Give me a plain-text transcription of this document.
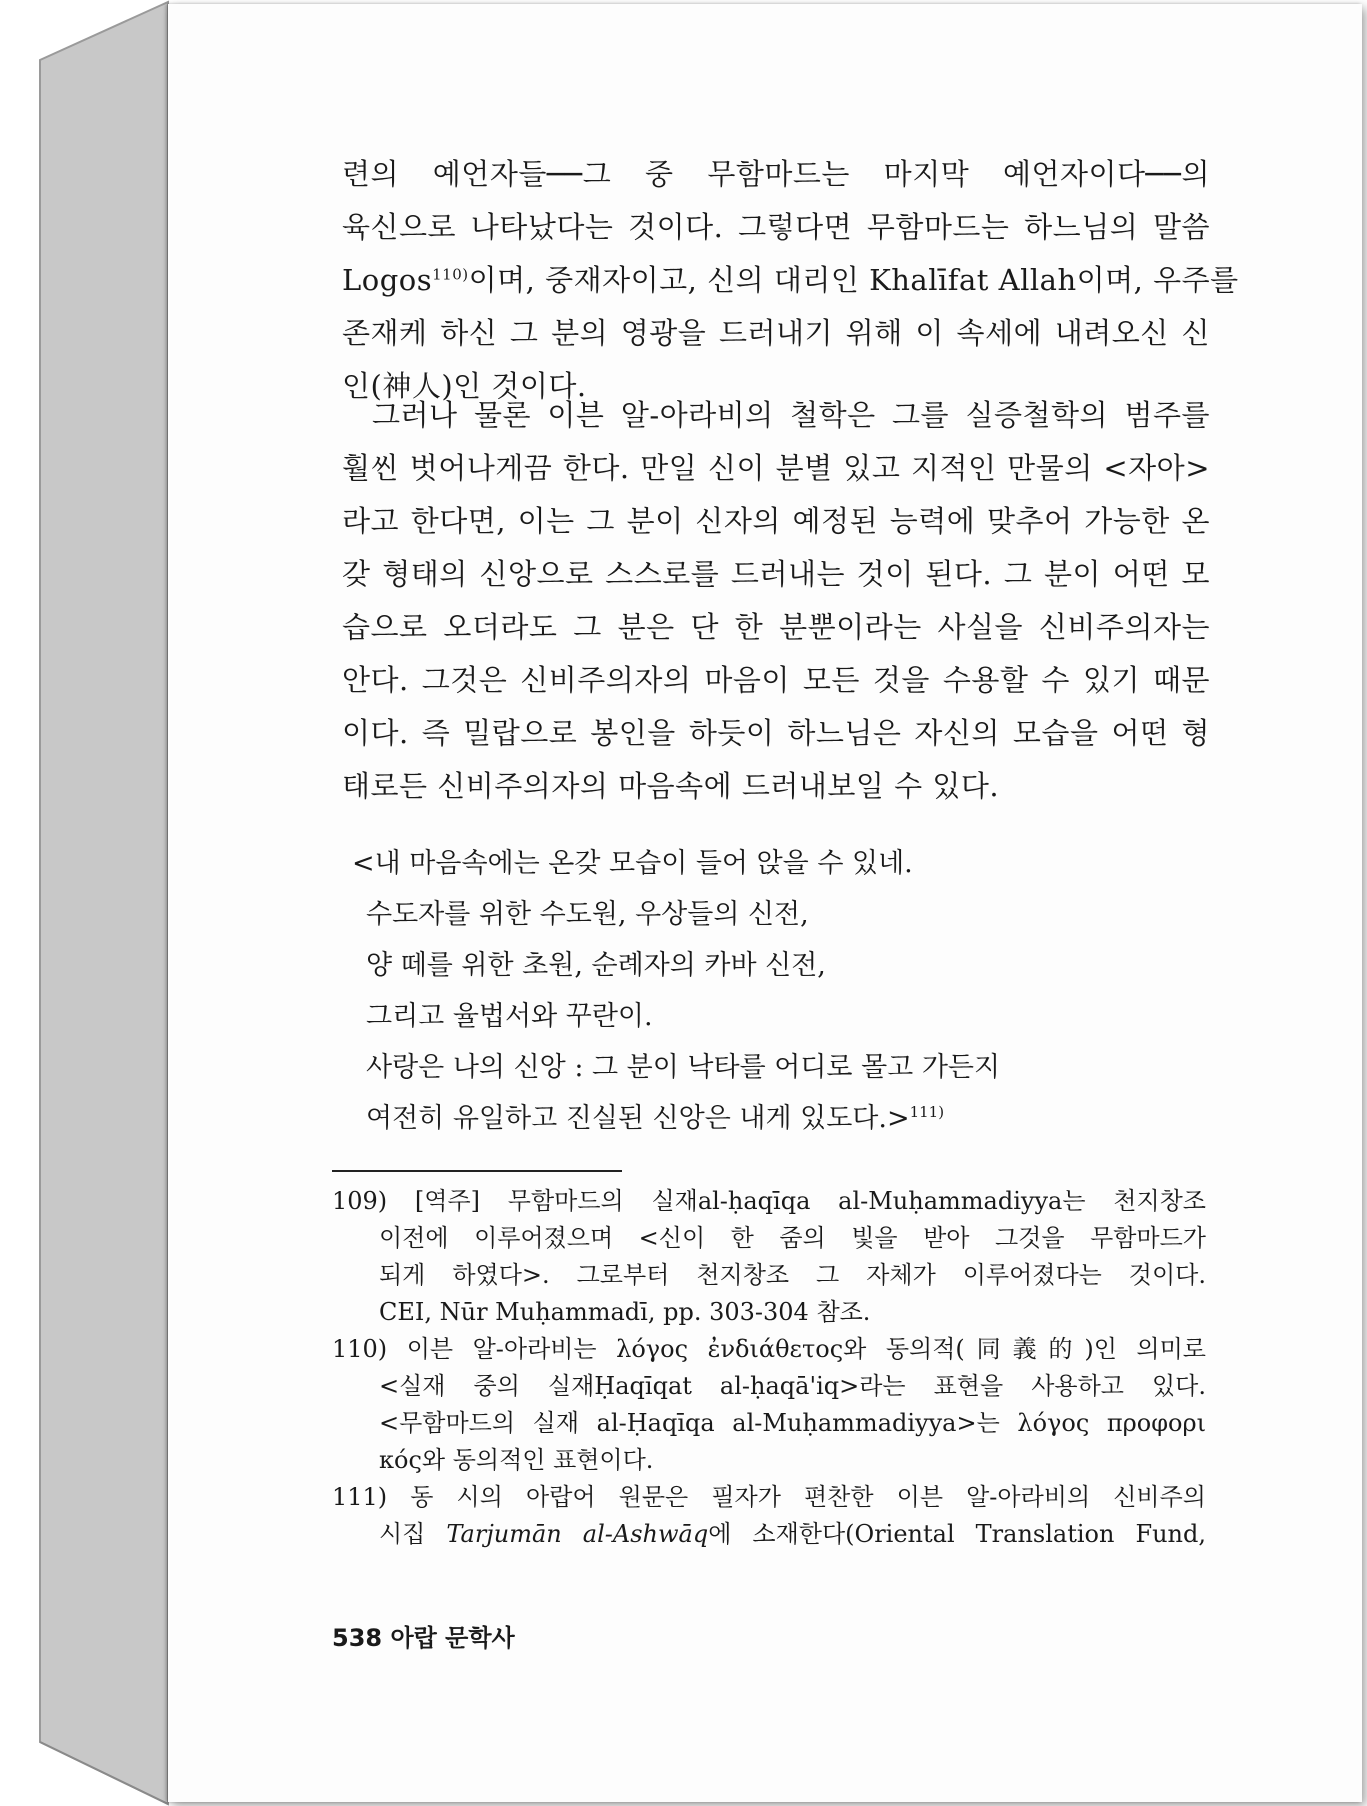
련의 예언자들──그 중 무함마드는 마지막 예언자이다──의
육신으로 나타났다는 것이다. 그렇다면 무함마드는 하느님의 말씀
Logos$^{110)}$이며, 중재자이고, 신의 대리인 Khalīfat Allah이며, 우주를
존재케 하신 그 분의 영광을 드러내기 위해 이 속세에 내려오신 신
인(神人)인 것이다.
그러나 물론 이븐 알-아라비의 철학은 그를 실증철학의 범주를
훨씬 벗어나게끔 한다. 만일 신이 분별 있고 지적인 만물의 <자아>
라고 한다면, 이는 그 분이 신자의 예정된 능력에 맞추어 가능한 온
갖 형태의 신앙으로 스스로를 드러내는 것이 된다. 그 분이 어떤 모
습으로 오더라도 그 분은 단 한 분뿐이라는 사실을 신비주의자는
안다. 그것은 신비주의자의 마음이 모든 것을 수용할 수 있기 때문
이다. 즉 밀랍으로 봉인을 하듯이 하느님은 자신의 모습을 어떤 형
태로든 신비주의자의 마음속에 드러내보일 수 있다.
<내 마음속에는 온갖 모습이 들어 앉을 수 있네.
수도자를 위한 수도원, 우상들의 신전,
양 떼를 위한 초원, 순례자의 카바 신전,
그리고 율법서와 꾸란이.
사랑은 나의 신앙 : 그 분이 낙타를 어디로 몰고 가든지
여전히 유일하고 진실된 신앙은 내게 있도다.>$^{111)}$
109) [역주] 무함마드의 실재al-ḥaqīqa al-Muḥammadiyya는 천지창조
이전에 이루어졌으며 <신이 한 줌의 빛을 받아 그것을 무함마드가
되게 하였다>. 그로부터 천지창조 그 자체가 이루어졌다는 것이다.
CEI, Nūr Muḥammadī, pp. 303-304 참조.
110) 이븐 알-아라비는 λόγος ἐνδιάθετος와 동의적(同義的)인 의미로
<실재 중의 실재Ḥaqīqat al-ḥaqā'iq>라는 표현을 사용하고 있다.
<무함마드의 실재 al-Ḥaqīqa al-Muḥammadiyya>는 λόγος προφορι
κός와 동의적인 표현이다.
111) 동 시의 아랍어 원문은 필자가 편찬한 이븐 알-아라비의 신비주의
시집 Tarjumān al-Ashwāq에 소재한다(Oriental Translation Fund,
538 아랍 문학사
